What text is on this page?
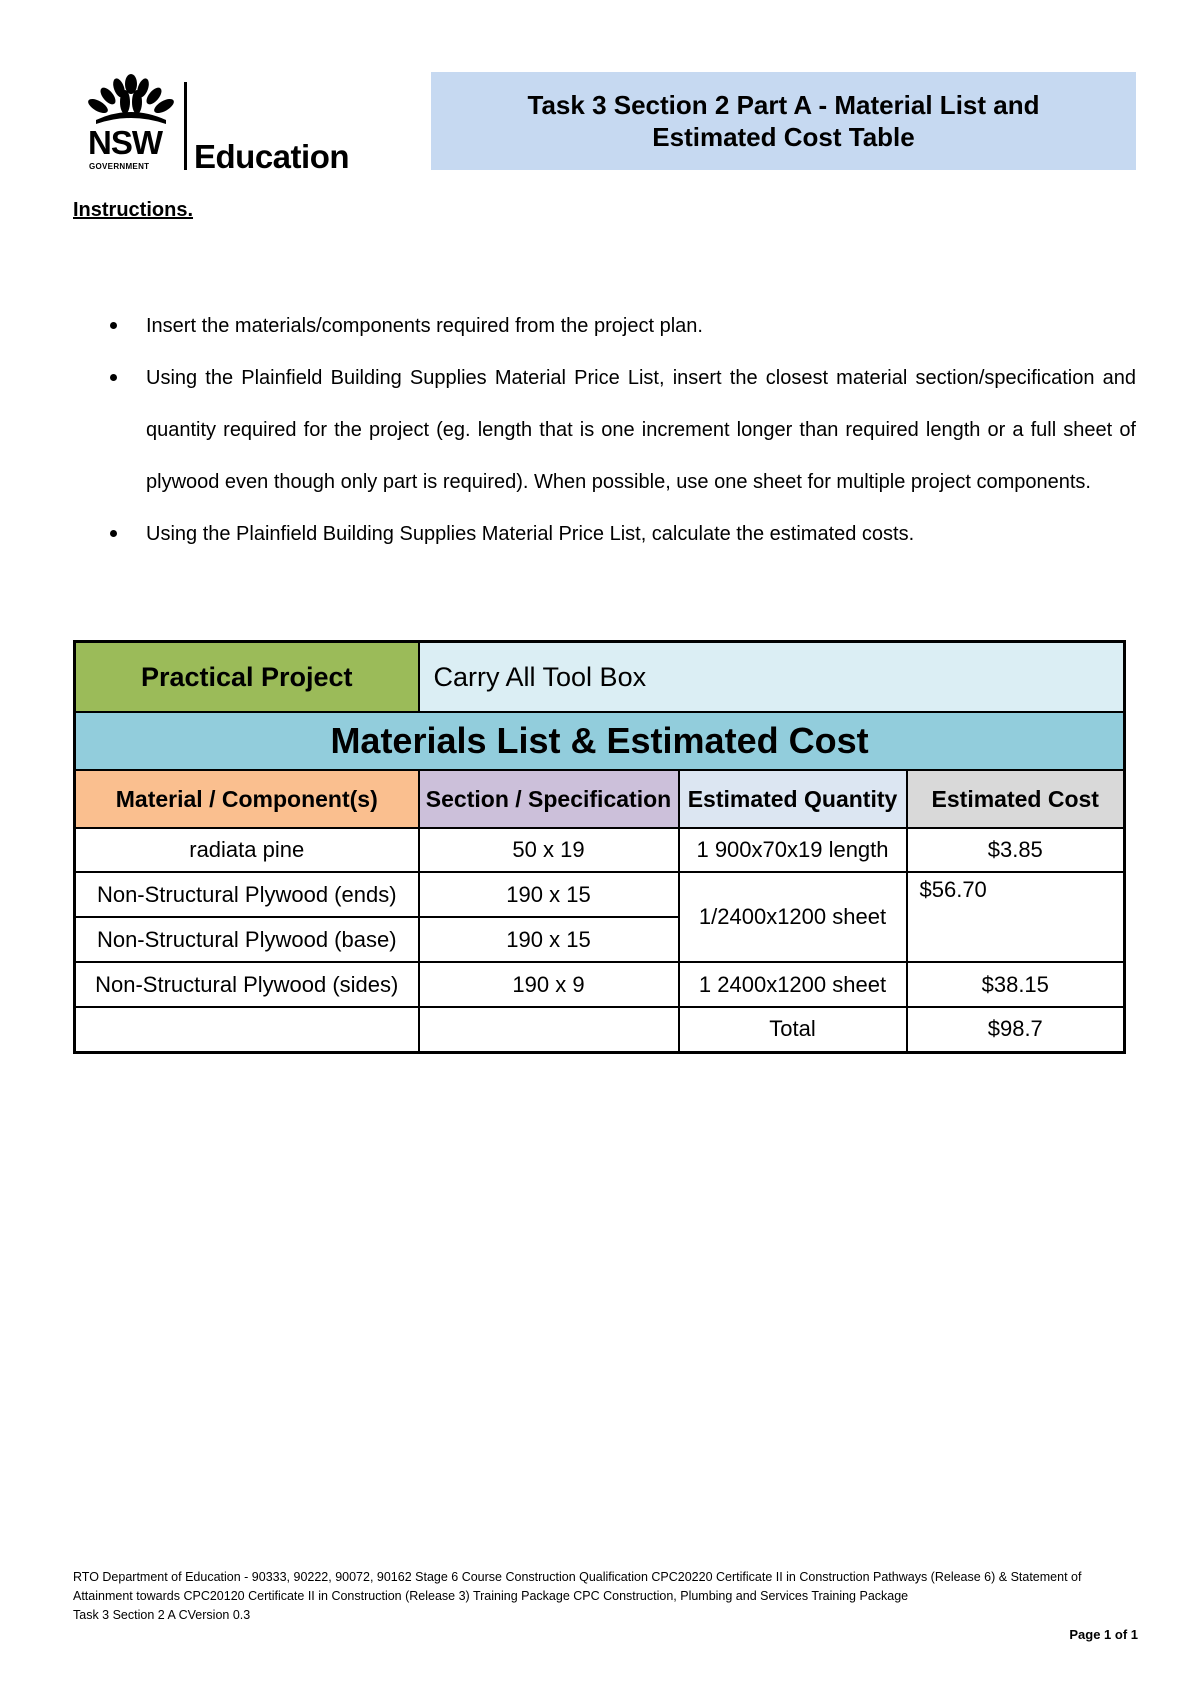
NSW
GOVERNMENT Education
Task 3 Section 2 Part A - Material List and Estimated Cost Table
Instructions.
Insert the materials/components required from the project plan.
Using the Plainfield Building Supplies Material Price List, insert the closest material section/specification and quantity required for the project (eg. length that is one increment longer than required length or a full sheet of plywood even though only part is required). When possible, use one sheet for multiple project components.
Using the Plainfield Building Supplies Material Price List, calculate the estimated costs.
Practical Project	Carry All Tool Box		
Materials List & Estimated Cost			
Material / Component(s)	Section / Specification	Estimated Quantity	Estimated Cost
radiata pine	50 x 19	1 900x70x19 length	$3.85
Non-Structural Plywood (ends)	190 x 15	1/2400x1200 sheet	$56.70
Non-Structural Plywood (base)	190 x 15		
Non-Structural Plywood (sides)	190 x 9	1 2400x1200 sheet	$38.15
		Total	$98.7
RTO Department of Education - 90333, 90222, 90072, 90162 Stage 6 Course Construction Qualification CPC20220 Certificate II in Construction Pathways (Release 6) & Statement of Attainment towards CPC20120 Certificate II in Construction (Release 3) Training Package CPC Construction, Plumbing and Services Training Package
Task 3 Section 2 A CVersion 0.3
Page 1 of 1
